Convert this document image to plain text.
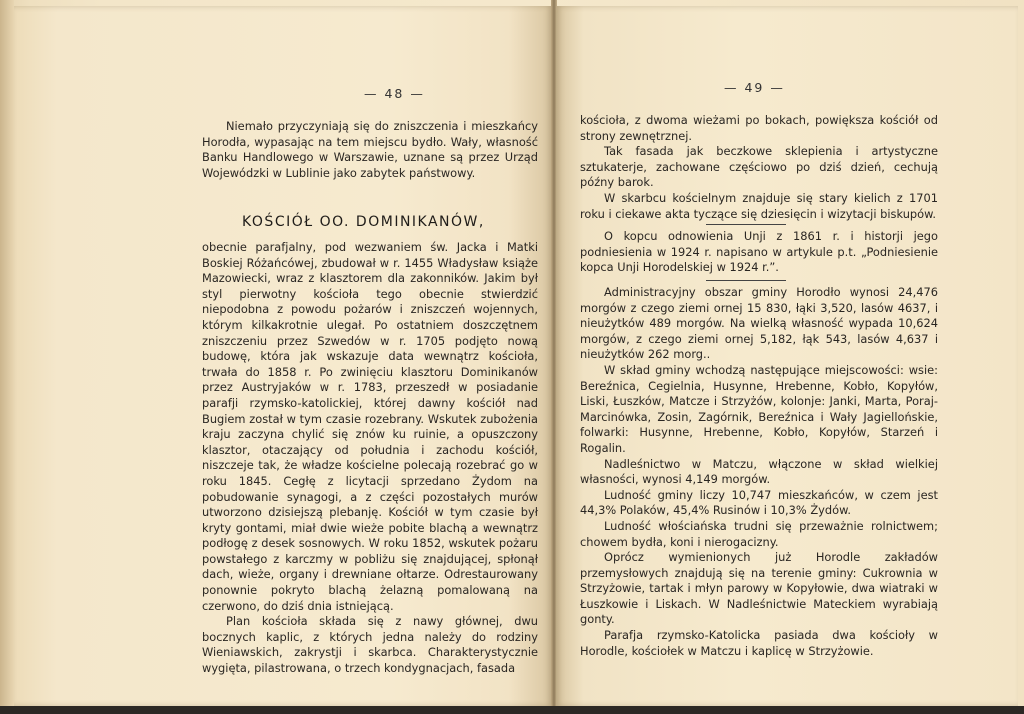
— 48 —

Niemało przyczyniają się do zniszczenia i mieszkańcy Horodła, wypasając na tem miejscu bydło. Wały, własność Banku Handlowego w Warszawie, uznane są przez Urząd Wojewódzki w Lublinie jako zabytek państwowy.

KOŚCIÓŁ OO. DOMINIKANÓW,

obecnie parafjalny, pod wezwaniem św. Jacka i Matki Boskiej Różańcówej, zbudował w r. 1455 Władysław książe Mazowiecki, wraz z klasztorem dla zakonników. Jakim był styl pierwotny kościoła tego obecnie stwierdzić niepodobna z powodu pożarów i zniszczeń wojennych, którym kilkakrotnie ulegał. Po ostatniem doszczętnem zniszczeniu przez Szwedów w r. 1705 podjęto nową budowę, która jak wskazuje data wewnątrz kościoła, trwała do 1858 r. Po zwinięciu klasztoru Dominikanów przez Austryjaków w r. 1783, przeszedł w posiadanie parafji rzymsko-katolickiej, której dawny kościół nad Bugiem został w tym czasie rozebrany. Wskutek zubożenia kraju zaczyna chylić się znów ku ruinie, a opuszczony klasztor, otaczający od południa i zachodu kościół, niszczeje tak, że władze kościelne polecają rozebrać go w roku 1845. Cegłę z licytacji sprzedano Żydom na pobudowanie synagogi, a z części pozostałych murów utworzono dzisiejszą plebanję. Kościół w tym czasie był kryty gontami, miał dwie wieże pobite blachą a wewnątrz podłogę z desek sosnowych. W roku 1852, wskutek pożaru powstałego z karczmy w pobliżu się znajdującej, spłonął dach, wieże, organy i drewniane ołtarze. Odrestaurowany ponownie pokryto blachą żelazną pomalowaną na czerwono, do dziś dnia istniejącą.

Plan kościoła składa się z nawy głównej, dwu bocznych kaplic, z których jedna należy do rodziny Wieniawskich, zakrystji i skarbca. Charakterystycznie wygięta, pilastrowana, o trzech kondygnacjach, fasada

— 49 —

kościoła, z dwoma wieżami po bokach, powiększa kościół od strony zewnętrznej.

Tak fasada jak beczkowe sklepienia i artystyczne sztukaterje, zachowane częściowo po dziś dzień, cechują późny barok.

W skarbcu kościelnym znajduje się stary kielich z 1701 roku i ciekawe akta tyczące się dziesięcin i wizytacji biskupów.

O kopcu odnowienia Unji z 1861 r. i historji jego podniesienia w 1924 r. napisano w artykule p.t. „Podniesienie kopca Unji Horodelskiej w 1924 r.”.

Administracyjny obszar gminy Horodło wynosi 24,476 morgów z czego ziemi ornej 15 830, łąki 3,520, lasów 4637, i nieużytków 489 morgów. Na wielką własność wypada 10,624 morgów, z czego ziemi ornej 5,182, łąk 543, lasów 4,637 i nieużytków 262 morg..

W skład gminy wchodzą następujące miejscowości: wsie: Bereźnica, Cegielnia, Husynne, Hrebenne, Kobło, Kopyłów, Liski, Łuszków, Matcze i Strzyżów, kolonje: Janki, Marta, Poraj-Marcinówka, Zosin, Zagórnik, Bereźnica i Wały Jagiellońskie, folwarki: Husynne, Hrebenne, Kobło, Kopyłów, Starzeń i Rogalin.

Nadleśnictwo w Matczu, włączone w skład wielkiej własności, wynosi 4,149 morgów.

Ludność gminy liczy 10,747 mieszkańców, w czem jest 44,3% Polaków, 45,4% Rusinów i 10,3% Żydów.

Ludność włościańska trudni się przeważnie rolnictwem; chowem bydła, koni i nierogacizny.

Oprócz wymienionych już Horodle zakładów przemysłowych znajdują się na terenie gminy: Cukrownia w Strzyżowie, tartak i młyn parowy w Kopyłowie, dwa wiatraki w Łuszkowie i Liskach. W Nadleśnictwie Mateckiem wyrabiają gonty.

Parafja rzymsko-Katolicka pasiada dwa kościoły w Horodle, kościołek w Matczu i kaplicę w Strzyżowie.
